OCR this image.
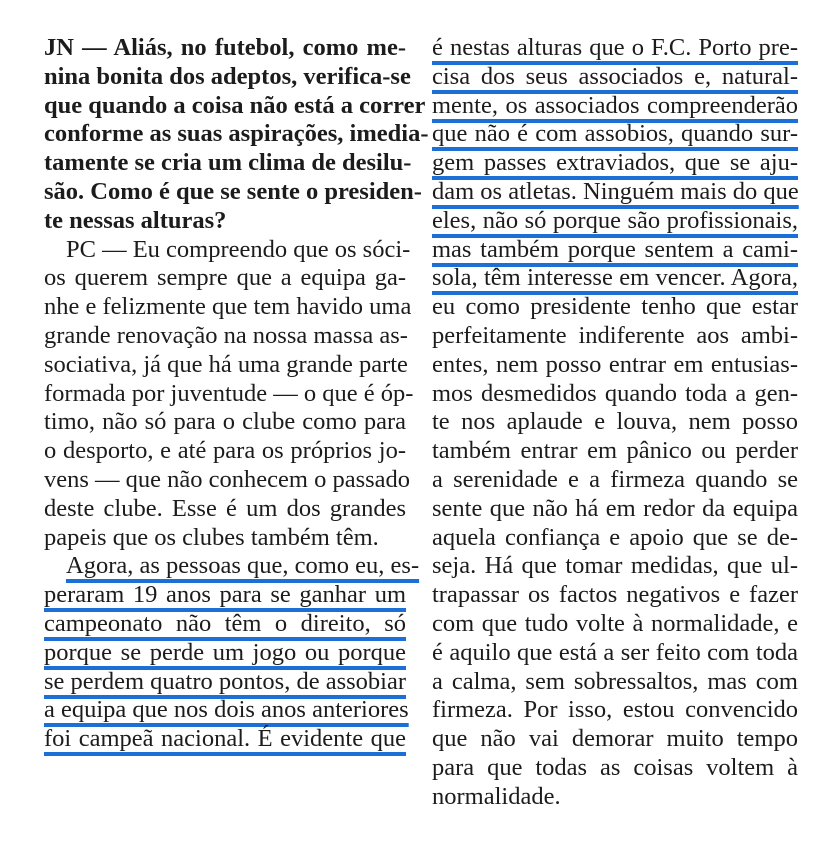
JN — Aliás, no futebol, como me-
nina bonita dos adeptos, verifica-se
que quando a coisa não está a correr
conforme as suas aspirações, imedia-
tamente se cria um clima de desilu-
são. Como é que se sente o presiden-
te nessas alturas?
PC — Eu compreendo que os sóci-
os querem sempre que a equipa ga-
nhe e felizmente que tem havido uma
grande renovação na nossa massa as-
sociativa, já que há uma grande parte
formada por juventude — o que é óp-
timo, não só para o clube como para
o desporto, e até para os próprios jo-
vens — que não conhecem o passado
deste clube. Esse é um dos grandes
papeis que os clubes também têm.
Agora, as pessoas que, como eu, es-
peraram 19 anos para se ganhar um
campeonato não têm o direito, só
porque se perde um jogo ou porque
se perdem quatro pontos, de assobiar
a equipa que nos dois anos anteriores
foi campeã nacional. É evidente que
é nestas alturas que o F.C. Porto pre-
cisa dos seus associados e, natural-
mente, os associados compreenderão
que não é com assobios, quando sur-
gem passes extraviados, que se aju-
dam os atletas. Ninguém mais do que
eles, não só porque são profissionais,
mas também porque sentem a cami-
sola, têm interesse em vencer. Agora,
eu como presidente tenho que estar
perfeitamente indiferente aos ambi-
entes, nem posso entrar em entusias-
mos desmedidos quando toda a gen-
te nos aplaude e louva, nem posso
também entrar em pânico ou perder
a serenidade e a firmeza quando se
sente que não há em redor da equipa
aquela confiança e apoio que se de-
seja. Há que tomar medidas, que ul-
trapassar os factos negativos e fazer
com que tudo volte à normalidade, e
é aquilo que está a ser feito com toda
a calma, sem sobressaltos, mas com
firmeza. Por isso, estou convencido
que não vai demorar muito tempo
para que todas as coisas voltem à
normalidade.
